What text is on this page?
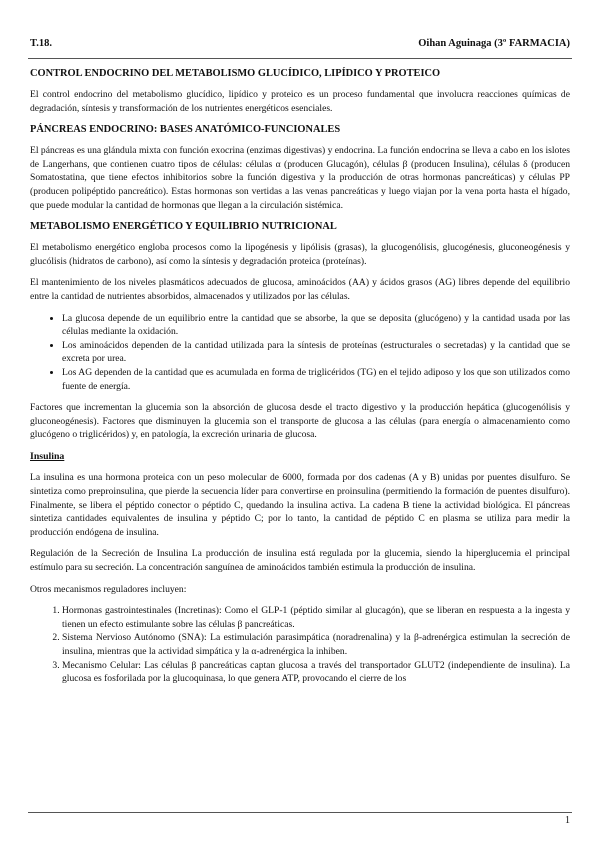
T.18.	Oihan Aguinaga (3º FARMACIA)
CONTROL ENDOCRINO DEL METABOLISMO GLUCÍDICO, LIPÍDICO Y PROTEICO

El control endocrino del metabolismo glucídico, lipídico y proteico es un proceso fundamental que involucra reacciones químicas de degradación, síntesis y transformación de los nutrientes energéticos esenciales.

PÁNCREAS ENDOCRINO: BASES ANATÓMICO-FUNCIONALES

El páncreas es una glándula mixta con función exocrina (enzimas digestivas) y endocrina. La función endocrina se lleva a cabo en los islotes de Langerhans, que contienen cuatro tipos de células: células α (producen Glucagón), células β (producen Insulina), células δ (producen Somatostatina, que tiene efectos inhibitorios sobre la función digestiva y la producción de otras hormonas pancreáticas) y células PP (producen polipéptido pancreático). Estas hormonas son vertidas a las venas pancreáticas y luego viajan por la vena porta hasta el hígado, que puede modular la cantidad de hormonas que llegan a la circulación sistémica.

METABOLISMO ENERGÉTICO Y EQUILIBRIO NUTRICIONAL

El metabolismo energético engloba procesos como la lipogénesis y lipólisis (grasas), la glucogenólisis, glucogénesis, gluconeogénesis y glucólisis (hidratos de carbono), así como la síntesis y degradación proteica (proteínas).

El mantenimiento de los niveles plasmáticos adecuados de glucosa, aminoácidos (AA) y ácidos grasos (AG) libres depende del equilibrio entre la cantidad de nutrientes absorbidos, almacenados y utilizados por las células.

• La glucosa depende de un equilibrio entre la cantidad que se absorbe, la que se deposita (glucógeno) y la cantidad usada por las células mediante la oxidación.
• Los aminoácidos dependen de la cantidad utilizada para la síntesis de proteínas (estructurales o secretadas) y la cantidad que se excreta por urea.
• Los AG dependen de la cantidad que es acumulada en forma de triglicéridos (TG) en el tejido adiposo y los que son utilizados como fuente de energía.

Factores que incrementan la glucemia son la absorción de glucosa desde el tracto digestivo y la producción hepática (glucogenólisis y gluconeogénesis). Factores que disminuyen la glucemia son el transporte de glucosa a las células (para energía o almacenamiento como glucógeno o triglicéridos) y, en patología, la excreción urinaria de glucosa.

Insulina

La insulina es una hormona proteica con un peso molecular de 6000, formada por dos cadenas (A y B) unidas por puentes disulfuro. Se sintetiza como preproinsulina, que pierde la secuencia líder para convertirse en proinsulina (permitiendo la formación de puentes disulfuro). Finalmente, se libera el péptido conector o péptido C, quedando la insulina activa. La cadena B tiene la actividad biológica. El páncreas sintetiza cantidades equivalentes de insulina y péptido C; por lo tanto, la cantidad de péptido C en plasma se utiliza para medir la producción endógena de insulina.

Regulación de la Secreción de Insulina La producción de insulina está regulada por la glucemia, siendo la hiperglucemia el principal estímulo para su secreción. La concentración sanguínea de aminoácidos también estimula la producción de insulina.

Otros mecanismos reguladores incluyen:

1. Hormonas gastrointestinales (Incretinas): Como el GLP-1 (péptido similar al glucagón), que se liberan en respuesta a la ingesta y tienen un efecto estimulante sobre las células β pancreáticas.
2. Sistema Nervioso Autónomo (SNA): La estimulación parasimpática (noradrenalina) y la β-adrenérgica estimulan la secreción de insulina, mientras que la actividad simpática y la α-adrenérgica la inhiben.
3. Mecanismo Celular: Las células β pancreáticas captan glucosa a través del transportador GLUT2 (independiente de insulina). La glucosa es fosforilada por la glucoquinasa, lo que genera ATP, provocando el cierre de los
1
